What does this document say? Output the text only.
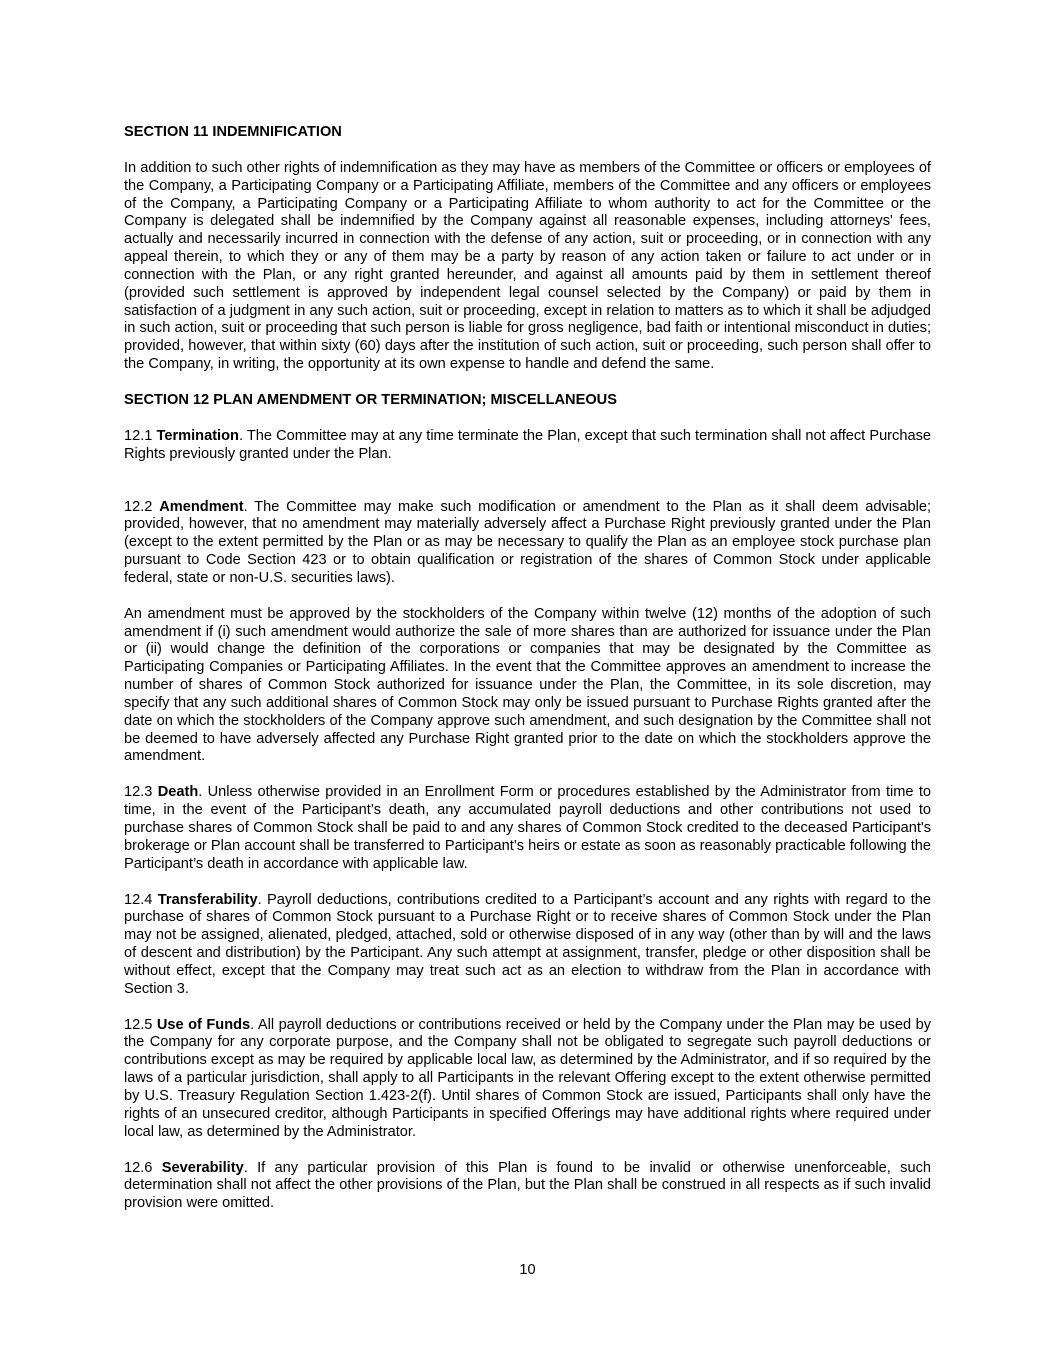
SECTION 11 INDEMNIFICATION

In addition to such other rights of indemnification as they may have as members of the Committee or officers or employees of the Company, a Participating Company or a Participating Affiliate, members of the Committee and any officers or employees of the Company, a Participating Company or a Participating Affiliate to whom authority to act for the Committee or the Company is delegated shall be indemnified by the Company against all reasonable expenses, including attorneys' fees, actually and necessarily incurred in connection with the defense of any action, suit or proceeding, or in connection with any appeal therein, to which they or any of them may be a party by reason of any action taken or failure to act under or in connection with the Plan, or any right granted hereunder, and against all amounts paid by them in settlement thereof (provided such settlement is approved by independent legal counsel selected by the Company) or paid by them in satisfaction of a judgment in any such action, suit or proceeding, except in relation to matters as to which it shall be adjudged in such action, suit or proceeding that such person is liable for gross negligence, bad faith or intentional misconduct in duties; provided, however, that within sixty (60) days after the institution of such action, suit or proceeding, such person shall offer to the Company, in writing, the opportunity at its own expense to handle and defend the same.

SECTION 12 PLAN AMENDMENT OR TERMINATION; MISCELLANEOUS

12.1 Termination. The Committee may at any time terminate the Plan, except that such termination shall not affect Purchase Rights previously granted under the Plan.

12.2 Amendment. The Committee may make such modification or amendment to the Plan as it shall deem advisable; provided, however, that no amendment may materially adversely affect a Purchase Right previously granted under the Plan (except to the extent permitted by the Plan or as may be necessary to qualify the Plan as an employee stock purchase plan pursuant to Code Section 423 or to obtain qualification or registration of the shares of Common Stock under applicable federal, state or non-U.S. securities laws).

An amendment must be approved by the stockholders of the Company within twelve (12) months of the adoption of such amendment if (i) such amendment would authorize the sale of more shares than are authorized for issuance under the Plan or (ii) would change the definition of the corporations or companies that may be designated by the Committee as Participating Companies or Participating Affiliates. In the event that the Committee approves an amendment to increase the number of shares of Common Stock authorized for issuance under the Plan, the Committee, in its sole discretion, may specify that any such additional shares of Common Stock may only be issued pursuant to Purchase Rights granted after the date on which the stockholders of the Company approve such amendment, and such designation by the Committee shall not be deemed to have adversely affected any Purchase Right granted prior to the date on which the stockholders approve the amendment.

12.3 Death. Unless otherwise provided in an Enrollment Form or procedures established by the Administrator from time to time, in the event of the Participant’s death, any accumulated payroll deductions and other contributions not used to purchase shares of Common Stock shall be paid to and any shares of Common Stock credited to the deceased Participant's brokerage or Plan account shall be transferred to Participant’s heirs or estate as soon as reasonably practicable following the Participant’s death in accordance with applicable law.

12.4 Transferability. Payroll deductions, contributions credited to a Participant’s account and any rights with regard to the purchase of shares of Common Stock pursuant to a Purchase Right or to receive shares of Common Stock under the Plan may not be assigned, alienated, pledged, attached, sold or otherwise disposed of in any way (other than by will and the laws of descent and distribution) by the Participant. Any such attempt at assignment, transfer, pledge or other disposition shall be without effect, except that the Company may treat such act as an election to withdraw from the Plan in accordance with Section 3.

12.5 Use of Funds. All payroll deductions or contributions received or held by the Company under the Plan may be used by the Company for any corporate purpose, and the Company shall not be obligated to segregate such payroll deductions or contributions except as may be required by applicable local law, as determined by the Administrator, and if so required by the laws of a particular jurisdiction, shall apply to all Participants in the relevant Offering except to the extent otherwise permitted by U.S. Treasury Regulation Section 1.423-2(f). Until shares of Common Stock are issued, Participants shall only have the rights of an unsecured creditor, although Participants in specified Offerings may have additional rights where required under local law, as determined by the Administrator.

12.6 Severability. If any particular provision of this Plan is found to be invalid or otherwise unenforceable, such determination shall not affect the other provisions of the Plan, but the Plan shall be construed in all respects as if such invalid provision were omitted.

10
